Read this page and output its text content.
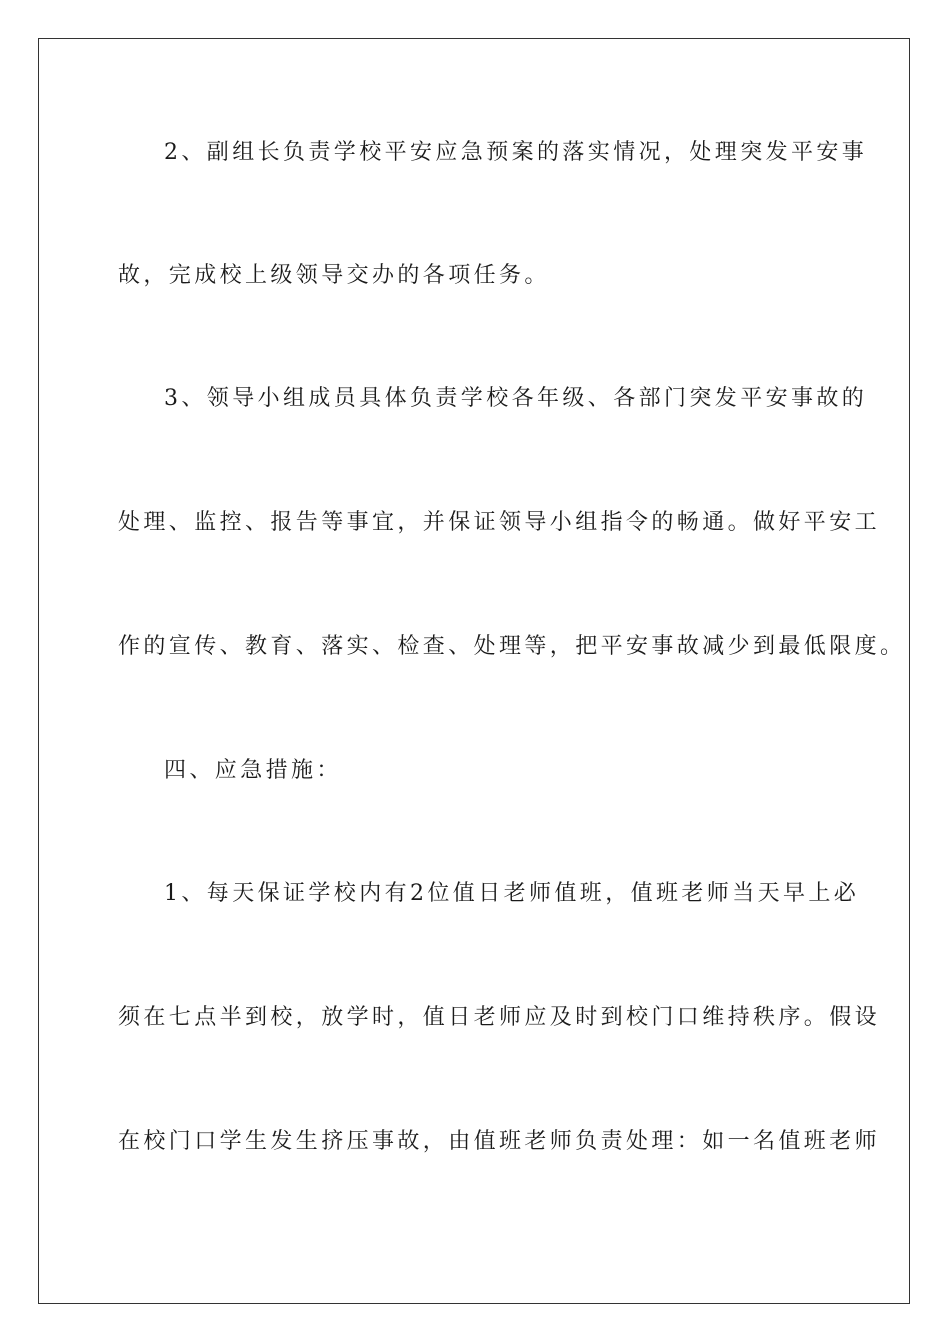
2、副组长负责学校平安应急预案的落实情况，处理突发平安事

故，完成校上级领导交办的各项任务。

3、领导小组成员具体负责学校各年级、各部门突发平安事故的

处理、监控、报告等事宜，并保证领导小组指令的畅通。做好平安工

作的宣传、教育、落实、检查、处理等，把平安事故减少到最低限度。

四、应急措施：

1、每天保证学校内有2位值日老师值班，值班老师当天早上必

须在七点半到校，放学时，值日老师应及时到校门口维持秩序。假设

在校门口学生发生挤压事故，由值班老师负责处理：如一名值班老师
